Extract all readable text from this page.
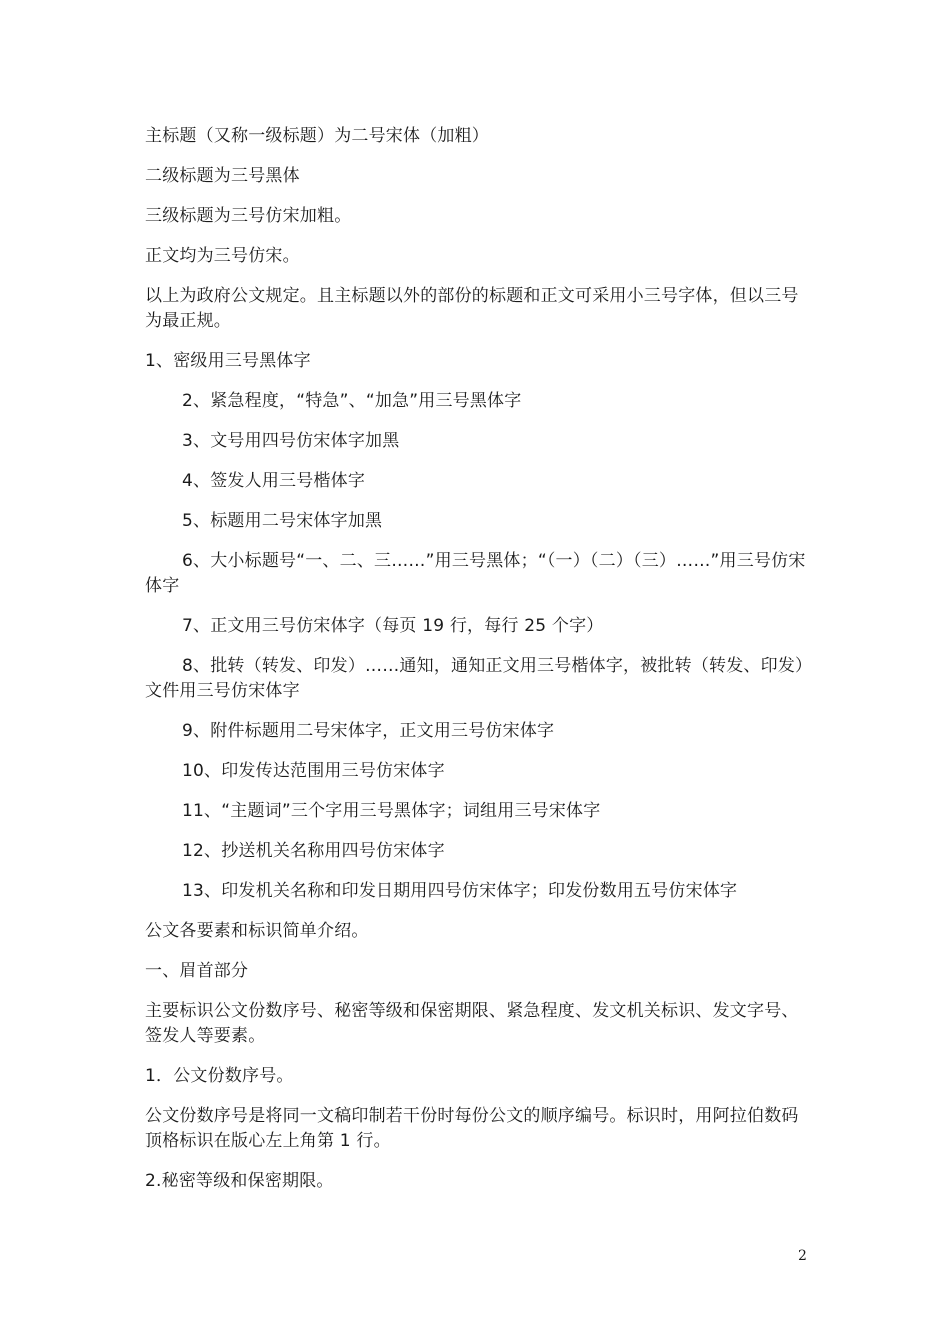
主标题（又称一级标题）为二号宋体（加粗）

二级标题为三号黑体

三级标题为三号仿宋加粗。

正文均为三号仿宋。

以上为政府公文规定。且主标题以外的部份的标题和正文可采用小三号字体，但以三号为最正规。

1、密级用三号黑体字

2、紧急程度，“特急”、“加急”用三号黑体字

3、文号用四号仿宋体字加黑

4、签发人用三号楷体字

5、标题用二号宋体字加黑

6、大小标题号“一、二、三……”用三号黑体；“（一）（二）（三）……”用三号仿宋体字

7、正文用三号仿宋体字（每页 19 行，每行 25 个字）

8、批转（转发、印发）……通知，通知正文用三号楷体字，被批转（转发、印发）文件用三号仿宋体字

9、附件标题用二号宋体字，正文用三号仿宋体字

10、印发传达范围用三号仿宋体字

11、“主题词”三个字用三号黑体字；词组用三号宋体字

12、抄送机关名称用四号仿宋体字

13、印发机关名称和印发日期用四号仿宋体字；印发份数用五号仿宋体字

公文各要素和标识简单介绍。

一、眉首部分

主要标识公文份数序号、秘密等级和保密期限、紧急程度、发文机关标识、发文字号、签发人等要素。

1．公文份数序号。

公文份数序号是将同一文稿印制若干份时每份公文的顺序编号。标识时，用阿拉伯数码顶格标识在版心左上角第 1 行。

2.秘密等级和保密期限。

2
